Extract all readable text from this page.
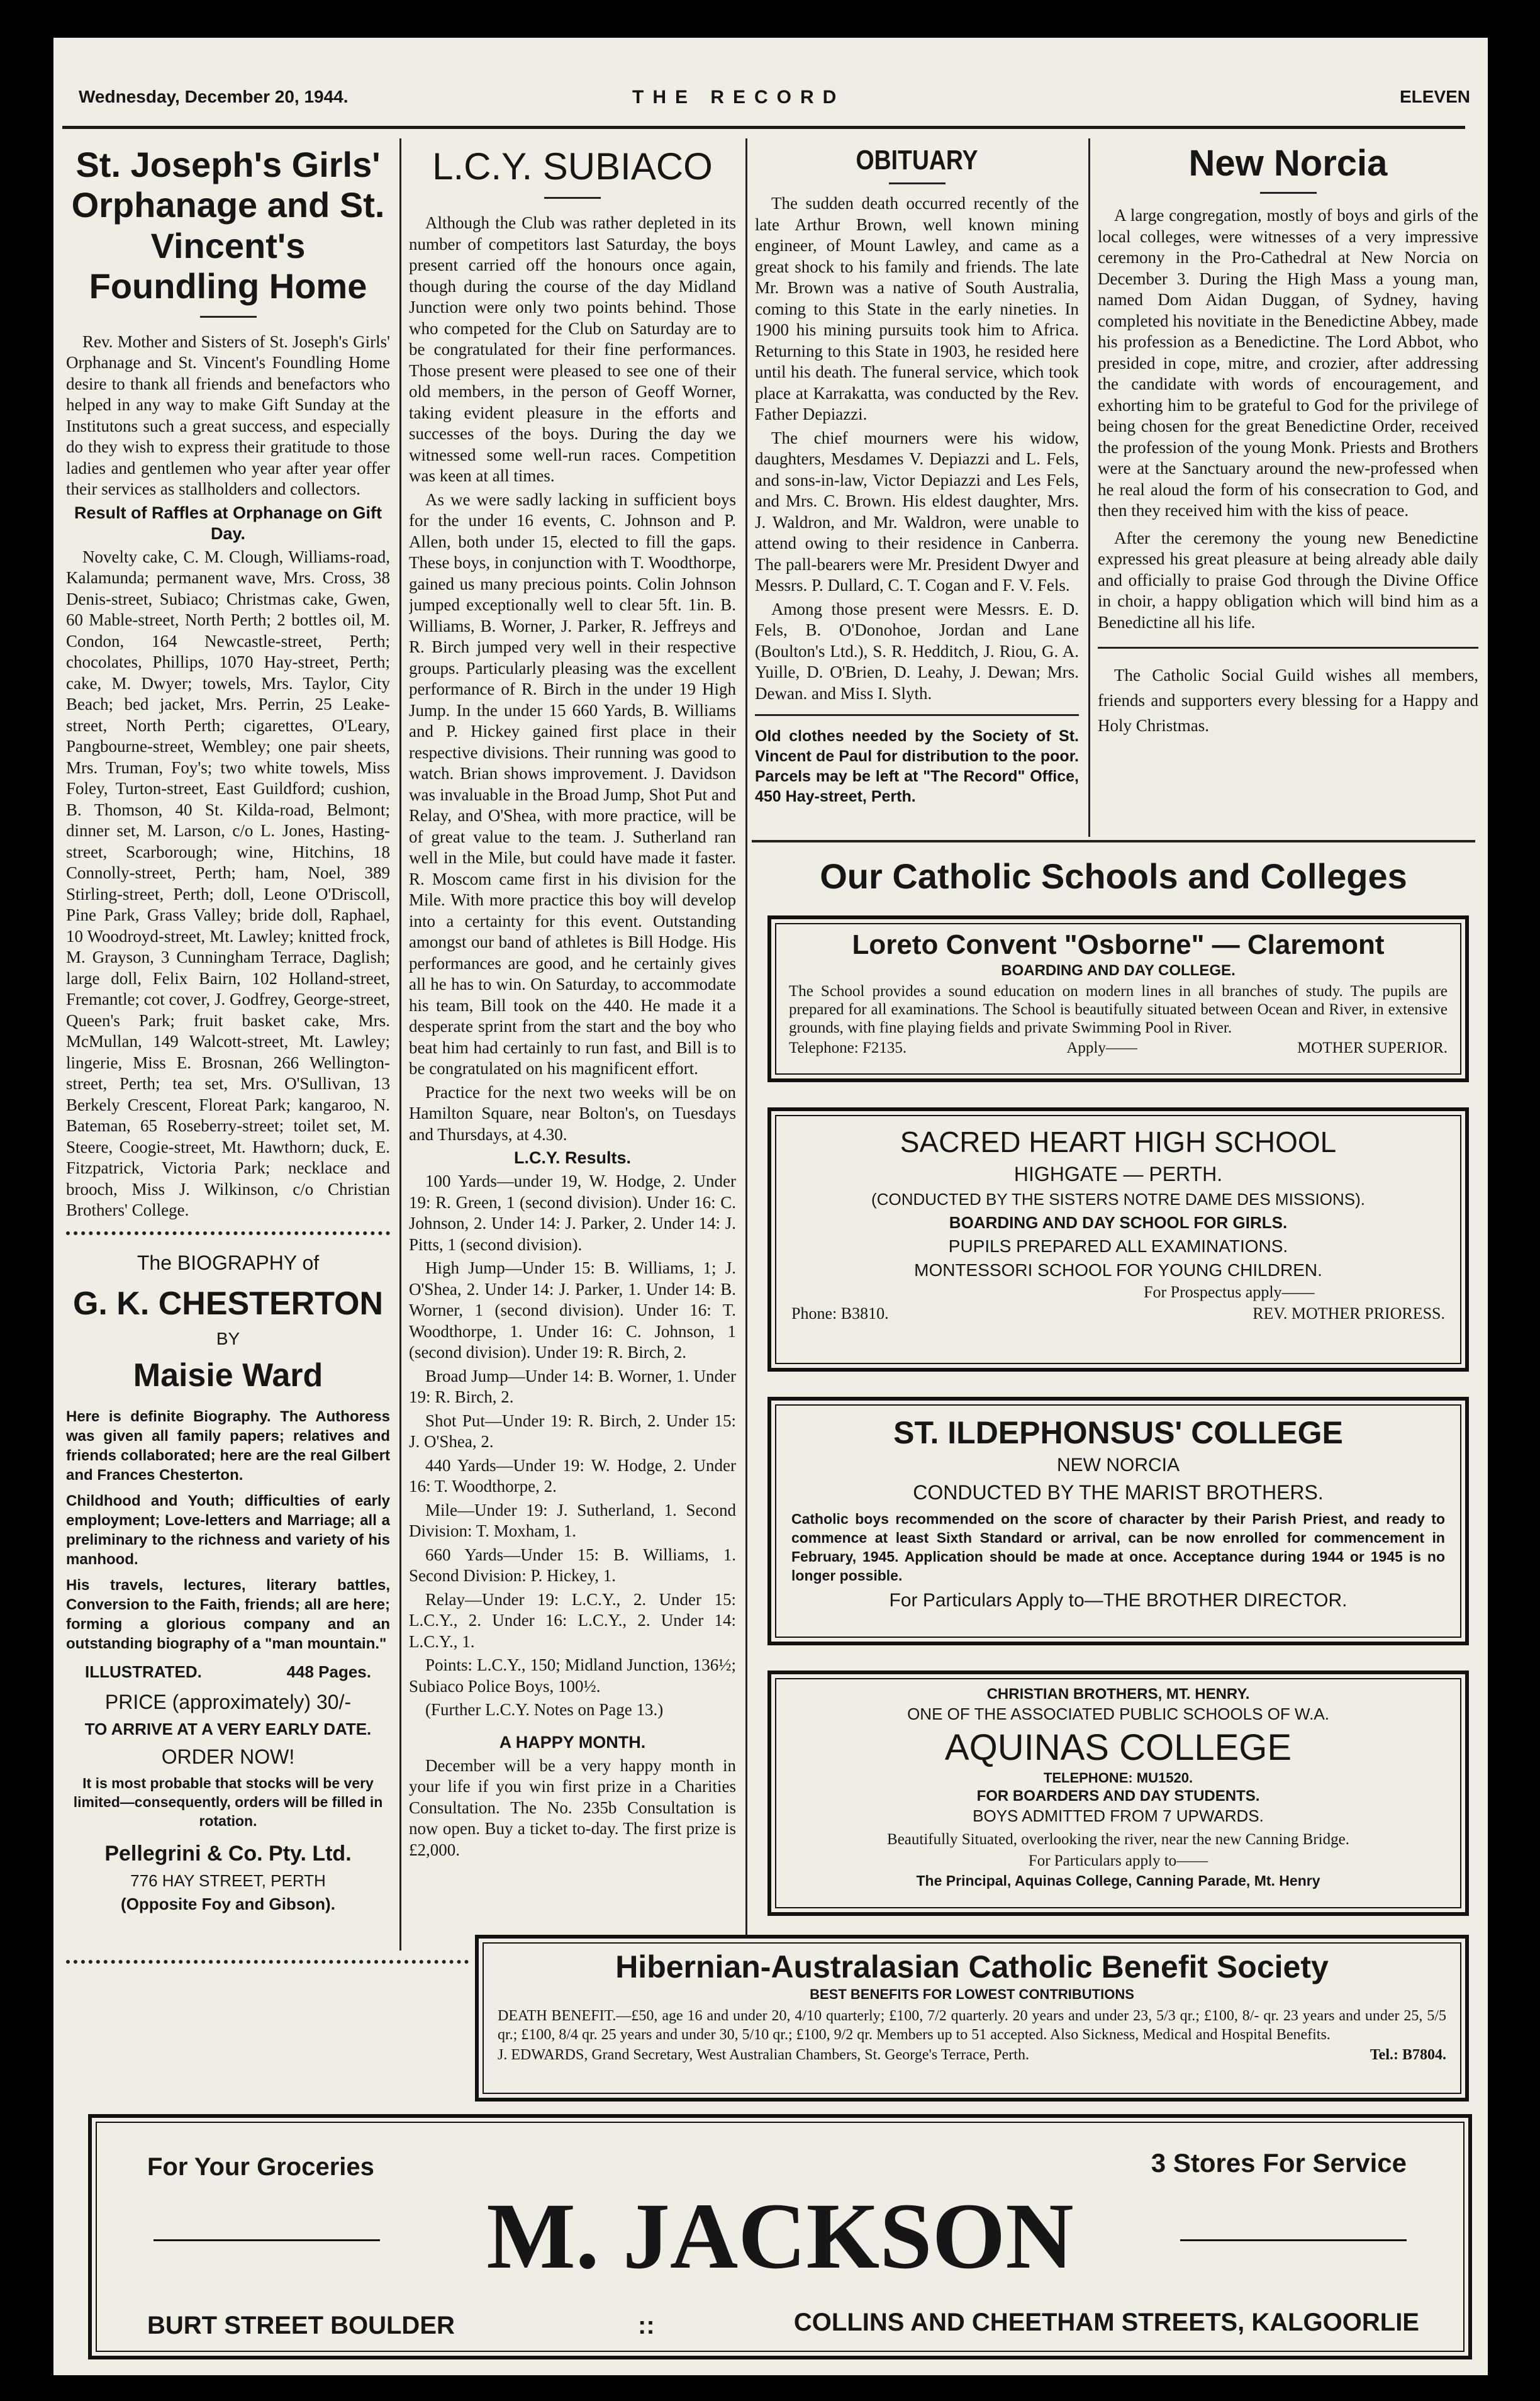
Wednesday, December 20, 1944.	THE RECORD	ELEVEN
St. Joseph's Girls' Orphanage and St. Vincent's Foundling Home

Rev. Mother and Sisters of St. Joseph's Girls' Orphanage and St. Vincent's Foundling Home desire to thank all friends and benefactors who helped in any way to make Gift Sunday at the Institutons such a great success, and especially do they wish to express their gratitude to those ladies and gentlemen who year after year offer their services as stallholders and collectors.

Result of Raffles at Orphanage on Gift Day.

Novelty cake, C. M. Clough, Williams-road, Kalamunda; permanent wave, Mrs. Cross, 38 Denis-street, Subiaco; Christmas cake, Gwen, 60 Mable-street, North Perth; 2 bottles oil, M. Condon, 164 Newcastle-street, Perth; chocolates, Phillips, 1070 Hay-street, Perth; cake, M. Dwyer; towels, Mrs. Taylor, City Beach; bed jacket, Mrs. Perrin, 25 Leake-street, North Perth; cigarettes, O'Leary, Pangbourne-street, Wembley; one pair sheets, Mrs. Truman, Foy's; two white towels, Miss Foley, Turton-street, East Guildford; cushion, B. Thomson, 40 St. Kilda-road, Belmont; dinner set, M. Larson, c/o L. Jones, Hasting-street, Scarborough; wine, Hitchins, 18 Connolly-street, Perth; ham, Noel, 389 Stirling-street, Perth; doll, Leone O'Driscoll, Pine Park, Grass Valley; bride doll, Raphael, 10 Woodroyd-street, Mt. Lawley; knitted frock, M. Grayson, 3 Cunningham Terrace, Daglish; large doll, Felix Bairn, 102 Holland-street, Fremantle; cot cover, J. Godfrey, George-street, Queen's Park; fruit basket cake, Mrs. McMullan, 149 Walcott-street, Mt. Lawley; lingerie, Miss E. Brosnan, 266 Wellington-street, Perth; tea set, Mrs. O'Sullivan, 13 Berkely Crescent, Floreat Park; kangaroo, N. Bateman, 65 Roseberry-street; toilet set, M. Steere, Coogie-street, Mt. Hawthorn; duck, E. Fitzpatrick, Victoria Park; necklace and brooch, Miss J. Wilkinson, c/o Christian Brothers' College.

The BIOGRAPHY of
G. K. CHESTERTON
BY
Maisie Ward

Here is definite Biography. The Authoress was given all family papers; relatives and friends collaborated; here are the real Gilbert and Frances Chesterton.

Childhood and Youth; difficulties of early employment; Love-letters and Marriage; all a preliminary to the richness and variety of his manhood.

His travels, lectures, literary battles, Conversion to the Faith, friends; all are here; forming a glorious company and an outstanding biography of a "man mountain."

ILLUSTRATED.	448 Pages.
PRICE (approximately) 30/-
TO ARRIVE AT A VERY EARLY DATE.
ORDER NOW!
It is most probable that stocks will be very limited—consequently, orders will be filled in rotation.
Pellegrini & Co. Pty. Ltd.
776 HAY STREET, PERTH
(Opposite Foy and Gibson).
L.C.Y. SUBIACO

Although the Club was rather depleted in its number of competitors last Saturday, the boys present carried off the honours once again, though during the course of the day Midland Junction were only two points behind. Those who competed for the Club on Saturday are to be congratulated for their fine performances. Those present were pleased to see one of their old members, in the person of Geoff Worner, taking evident pleasure in the efforts and successes of the boys. During the day we witnessed some well-run races. Competition was keen at all times.

As we were sadly lacking in sufficient boys for the under 16 events, C. Johnson and P. Allen, both under 15, elected to fill the gaps. These boys, in conjunction with T. Woodthorpe, gained us many precious points. Colin Johnson jumped exceptionally well to clear 5ft. 1in. B. Williams, B. Worner, J. Parker, R. Jeffreys and R. Birch jumped very well in their respective groups. Particularly pleasing was the excellent performance of R. Birch in the under 19 High Jump. In the under 15 660 Yards, B. Williams and P. Hickey gained first place in their respective divisions. Their running was good to watch. Brian shows improvement. J. Davidson was invaluable in the Broad Jump, Shot Put and Relay, and O'Shea, with more practice, will be of great value to the team. J. Sutherland ran well in the Mile, but could have made it faster. R. Moscom came first in his division for the Mile. With more practice this boy will develop into a certainty for this event. Outstanding amongst our band of athletes is Bill Hodge. His performances are good, and he certainly gives all he has to win. On Saturday, to accommodate his team, Bill took on the 440. He made it a desperate sprint from the start and the boy who beat him had certainly to run fast, and Bill is to be congratulated on his magnificent effort.

Practice for the next two weeks will be on Hamilton Square, near Bolton's, on Tuesdays and Thursdays, at 4.30.

L.C.Y. Results.

100 Yards—under 19, W. Hodge, 2. Under 19: R. Green, 1 (second division). Under 16: C. Johnson, 2. Under 14: J. Parker, 2. Under 14: J. Pitts, 1 (second division).

High Jump—Under 15: B. Williams, 1; J. O'Shea, 2. Under 14: J. Parker, 1. Under 14: B. Worner, 1 (second division). Under 16: T. Woodthorpe, 1. Under 16: C. Johnson, 1 (second division). Under 19: R. Birch, 2.

Broad Jump—Under 14: B. Worner, 1. Under 19: R. Birch, 2.

Shot Put—Under 19: R. Birch, 2. Under 15: J. O'Shea, 2.

440 Yards—Under 19: W. Hodge, 2. Under 16: T. Woodthorpe, 2.

Mile—Under 19: J. Sutherland, 1. Second Division: T. Moxham, 1.

660 Yards—Under 15: B. Williams, 1. Second Division: P. Hickey, 1.

Relay—Under 19: L.C.Y., 2. Under 15: L.C.Y., 2. Under 16: L.C.Y., 2. Under 14: L.C.Y., 1.

Points: L.C.Y., 150; Midland Junction, 136½; Subiaco Police Boys, 100½.

(Further L.C.Y. Notes on Page 13.)

A HAPPY MONTH.

December will be a very happy month in your life if you win first prize in a Charities Consultation. The No. 235b Consultation is now open. Buy a ticket to-day. The first prize is £2,000.

OBITUARY

The sudden death occurred recently of the late Arthur Brown, well known mining engineer, of Mount Lawley, and came as a great shock to his family and friends. The late Mr. Brown was a native of South Australia, coming to this State in the early nineties. In 1900 his mining pursuits took him to Africa. Returning to this State in 1903, he resided here until his death. The funeral service, which took place at Karrakatta, was conducted by the Rev. Father Depiazzi.

The chief mourners were his widow, daughters, Mesdames V. Depiazzi and L. Fels, and sons-in-law, Victor Depiazzi and Les Fels, and Mrs. C. Brown. His eldest daughter, Mrs. J. Waldron, and Mr. Waldron, were unable to attend owing to their residence in Canberra. The pall-bearers were Mr. President Dwyer and Messrs. P. Dullard, C. T. Cogan and F. V. Fels.

Among those present were Messrs. E. D. Fels, B. O'Donohoe, Jordan and Lane (Boulton's Ltd.), S. R. Hedditch, J. Riou, G. A. Yuille, D. O'Brien, D. Leahy, J. Dewan; Mrs. Dewan. and Miss I. Slyth.

Old clothes needed by the Society of St. Vincent de Paul for distribution to the poor. Parcels may be left at "The Record" Office, 450 Hay-street, Perth.

New Norcia

A large congregation, mostly of boys and girls of the local colleges, were witnesses of a very impressive ceremony in the Pro-Cathedral at New Norcia on December 3. During the High Mass a young man, named Dom Aidan Duggan, of Sydney, having completed his novitiate in the Benedictine Abbey, made his profession as a Benedictine. The Lord Abbot, who presided in cope, mitre, and crozier, after addressing the candidate with words of encouragement, and exhorting him to be grateful to God for the privilege of being chosen for the great Benedictine Order, received the profession of the young Monk. Priests and Brothers were at the Sanctuary around the new-professed when he real aloud the form of his consecration to God, and then they received him with the kiss of peace.

After the ceremony the young new Benedictine expressed his great pleasure at being already able daily and officially to praise God through the Divine Office in choir, a happy obligation which will bind him as a Benedictine all his life.

The Catholic Social Guild wishes all members, friends and supporters every blessing for a Happy and Holy Christmas.

Our Catholic Schools and Colleges
Loreto Convent "Osborne" — Claremont
BOARDING AND DAY COLLEGE.

The School provides a sound education on modern lines in all branches of study. The pupils are prepared for all examinations. The School is beautifully situated between Ocean and River, in extensive grounds, with fine playing fields and private Swimming Pool in River.

Telephone: F2135.	Apply——	MOTHER SUPERIOR.
SACRED HEART HIGH SCHOOL
HIGHGATE — PERTH.
(CONDUCTED BY THE SISTERS NOTRE DAME DES MISSIONS).
BOARDING AND DAY SCHOOL FOR GIRLS.
PUPILS PREPARED ALL EXAMINATIONS.
MONTESSORI SCHOOL FOR YOUNG CHILDREN.
For Prospectus apply——
Phone: B3810.	REV. MOTHER PRIORESS.
ST. ILDEPHONSUS' COLLEGE
NEW NORCIA
CONDUCTED BY THE MARIST BROTHERS.

Catholic boys recommended on the score of character by their Parish Priest, and ready to commence at least Sixth Standard or arrival, can be now enrolled for commencement in February, 1945. Application should be made at once. Acceptance during 1944 or 1945 is no longer possible.

For Particulars Apply to—THE BROTHER DIRECTOR.
CHRISTIAN BROTHERS, MT. HENRY.
ONE OF THE ASSOCIATED PUBLIC SCHOOLS OF W.A.
AQUINAS COLLEGE
TELEPHONE: MU1520.
FOR BOARDERS AND DAY STUDENTS.
BOYS ADMITTED FROM 7 UPWARDS.
Beautifully Situated, overlooking the river, near the new Canning Bridge.
For Particulars apply to——
The Principal, Aquinas College, Canning Parade, Mt. Henry
Hibernian-Australasian Catholic Benefit Society
BEST BENEFITS FOR LOWEST CONTRIBUTIONS

DEATH BENEFIT.—£50, age 16 and under 20, 4/10 quarterly; £100, 7/2 quarterly. 20 years and under 23, 5/3 qr.; £100, 8/- qr. 23 years and under 25, 5/5 qr.; £100, 8/4 qr. 25 years and under 30, 5/10 qr.; £100, 9/2 qr. Members up to 51 accepted. Also Sickness, Medical and Hospital Benefits.

J. EDWARDS, Grand Secretary, West Australian Chambers, St. George's Terrace, Perth.	Tel.: B7804.
For Your Groceries	3 Stores For Service
M. JACKSON
BURT STREET BOULDER	::	COLLINS AND CHEETHAM STREETS, KALGOORLIE
